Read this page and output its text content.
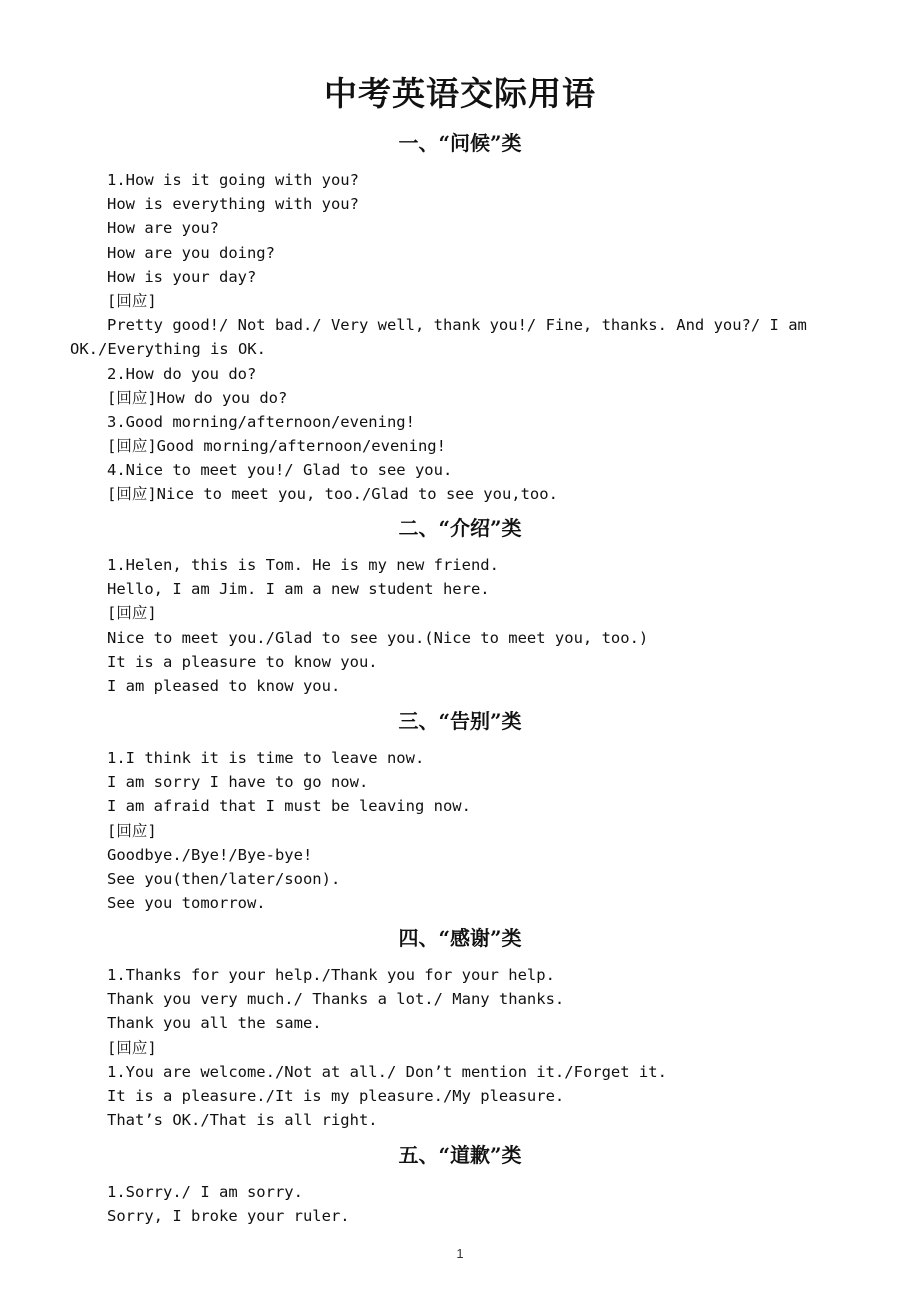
中考英语交际用语
一、“问候”类
1.How is it going with you?
How is everything with you?
How are you?
How are you doing?
How is your day?
[回应]
Pretty good!/ Not bad./ Very well, thank you!/ Fine, thanks. And you?/ I am
OK./Everything is OK.
2.How do you do?
[回应]How do you do?
3.Good morning/afternoon/evening!
[回应]Good morning/afternoon/evening!
4.Nice to meet you!/ Glad to see you.
[回应]Nice to meet you, too./Glad to see you,too.
二、“介绍”类
1.Helen, this is Tom. He is my new friend.
Hello, I am Jim. I am a new student here.
[回应]
Nice to meet you./Glad to see you.(Nice to meet you, too.)
It is a pleasure to know you.
I am pleased to know you.
三、“告别”类
1.I think it is time to leave now.
I am sorry I have to go now.
I am afraid that I must be leaving now.
[回应]
Goodbye./Bye!/Bye-bye!
See you(then/later/soon).
See you tomorrow.
四、“感谢”类
1.Thanks for your help./Thank you for your help.
Thank you very much./ Thanks a lot./ Many thanks.
Thank you all the same.
[回应]
1.You are welcome./Not at all./ Don’t mention it./Forget it.
It is a pleasure./It is my pleasure./My pleasure.
That’s OK./That is all right.
五、“道歉”类
1.Sorry./ I am sorry.
Sorry, I broke your ruler.
1
